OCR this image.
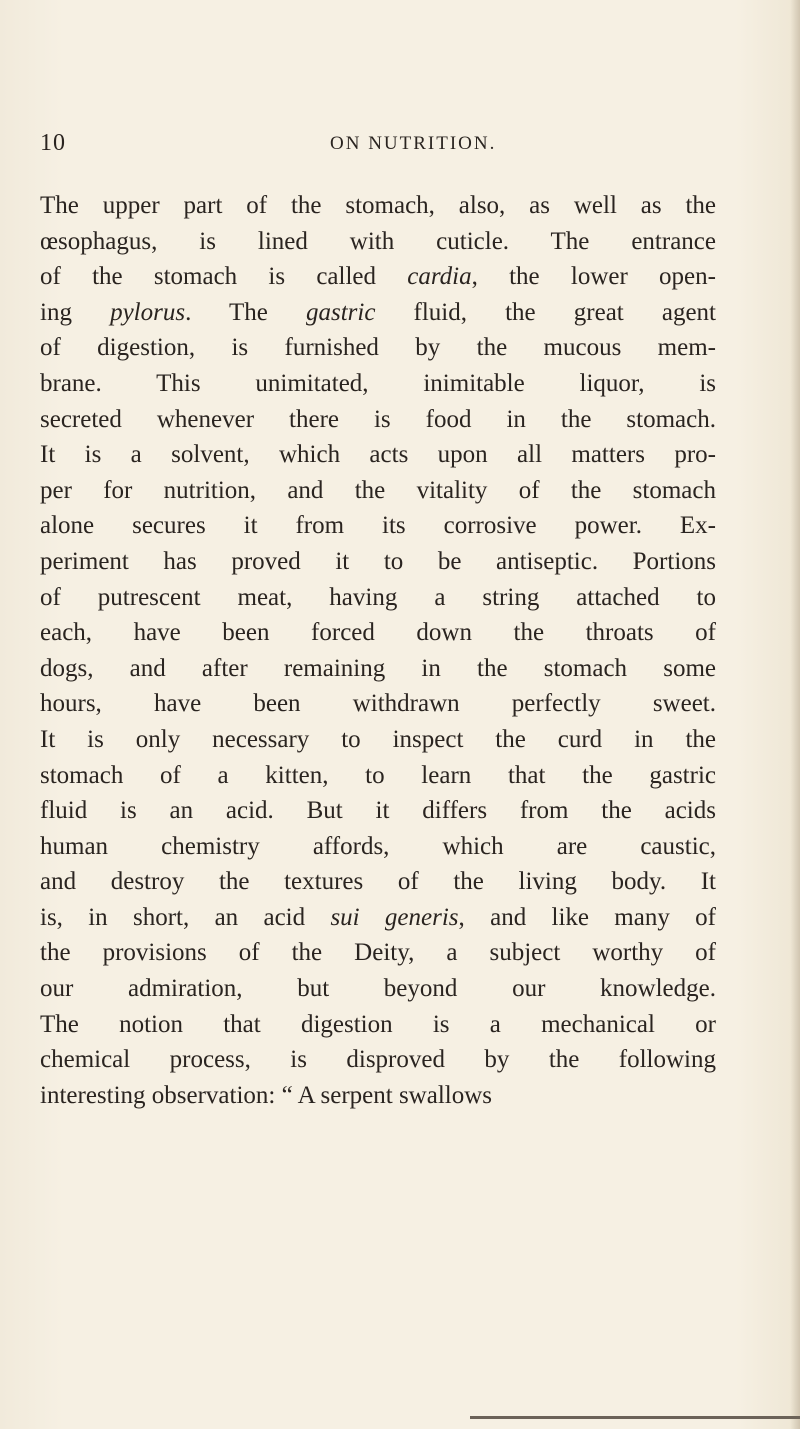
10	ON NUTRITION.
The upper part of the stomach, also, as well as the
œsophagus, is lined with cuticle. The entrance
of the stomach is called cardia, the lower open-
ing pylorus. The gastric fluid, the great agent
of digestion, is furnished by the mucous mem-
brane. This unimitated, inimitable liquor, is
secreted whenever there is food in the stomach.
It is a solvent, which acts upon all matters pro-
per for nutrition, and the vitality of the stomach
alone secures it from its corrosive power. Ex-
periment has proved it to be antiseptic. Portions
of putrescent meat, having a string attached to
each, have been forced down the throats of
dogs, and after remaining in the stomach some
hours, have been withdrawn perfectly sweet.
It is only necessary to inspect the curd in the
stomach of a kitten, to learn that the gastric
fluid is an acid. But it differs from the acids
human chemistry affords, which are caustic,
and destroy the textures of the living body. It
is, in short, an acid sui generis, and like many of
the provisions of the Deity, a subject worthy of
our admiration, but beyond our knowledge.
The notion that digestion is a mechanical or
chemical process, is disproved by the following
interesting observation: “ A serpent swallows
